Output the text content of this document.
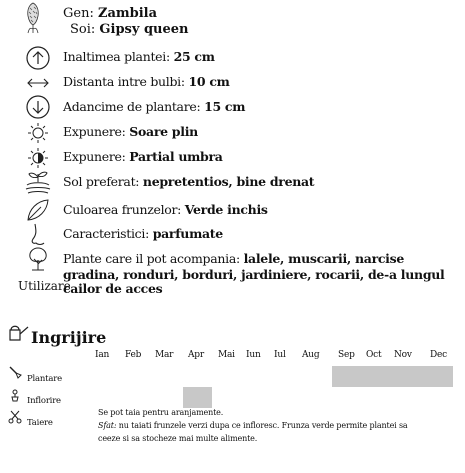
Gen: Zambila
Soi: Gipsy queen
Inaltimea plantei: 25 cm
Distanta intre bulbi: 10 cm
Adancime de plantare: 15 cm
Expunere: Soare plin
Expunere: Partial umbra
Sol preferat: nepretentios, bine drenat
Culoarea frunzelor: Verde inchis
Caracteristici: parfumate
Plante care il pot acompania: lalele, muscarii, narcise
Utilizare
gradina, ronduri, borduri, jardiniere, rocarii, de-a lungul
cailor de acces
Ingrijire
Ian Feb Mar Apr Mai Iun Iul Aug Sep Oct Nov Dec
Plantare
Inflorire
Taiere
Se pot taia pentru aranjamente.
Sfat: nu taiati frunzele verzi dupa ce infloresc. Frunza verde permite plantei sa
ceeze si sa stocheze mai multe alimente.
